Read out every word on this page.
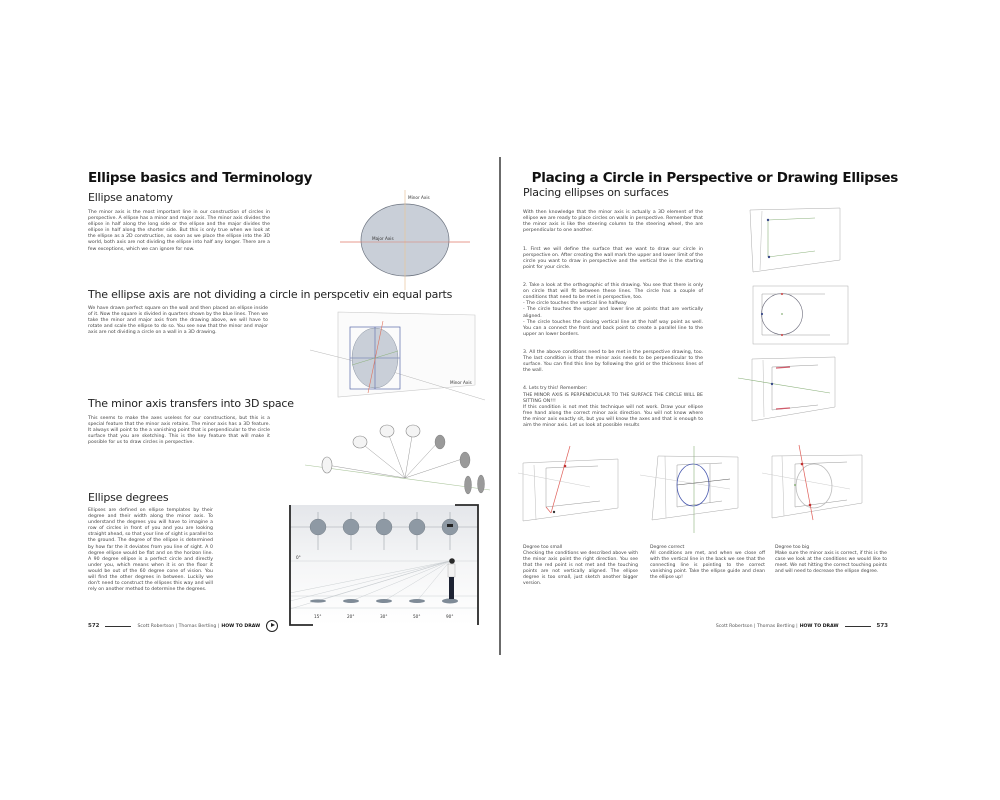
Ellipse basics and Terminology
Ellipse anatomy

The minor axis is the most important line in our construction of circles in perspective. A ellipse has a minor and major axis. The minor axis divides the ellipse in half along the long side or the ellipse and the major divides the ellipse in half along the shorter side. But this is only true when we look at the ellipse as a 2D construction, as soon as we place the ellipse into the 3D world, both axis are not dividing the ellipse into half any longer. There are a few exceptions, which we can ignore for now.

Minor Axis
Major Axis
The ellipse axis are not dividing a circle in perspcetiv ein equal parts

We have drawn perfect square on the wall and then placed an ellipse inside of it. Now the square is divided in quarters shown by the blue lines. Then we take the minor and major axis from the drawing above, we will have to rotate and scale the ellipse to do so. You see now that the minor and major axis are not dividing a circle on a wall in a 3D drawing.

Minor Axis
The minor axis transfers into 3D space

This seems to make the axes useless for our constructions, but this is a special feature that the minor axis retains. The minor axis has a 3D feature. It always will point to the a vanishing point that is perpendicular to the circle surface that you are sketching. This is the key feature that will make it possible for us to draw circles in perspective.

Ellipse degrees

Ellipses are defined on ellipse templates by their degree and their width along the minor axis. To understand the degrees you will have to imagine a row of circles in front of you and you are looking straight ahead, so that your line of sight is parallel to the ground. The degree of the ellipse is determined by how far the it deviates from you line of sight. A 0 degree ellipse would be flat and on the horizon line. A 90 degree ellipse is a perfect circle and directly under you, which means when it is on the floor it would be out of the 60 degree cone of vision. You will find the other degrees in between. Luckily we don't need to construct the ellipses this way and will rely on another method to determine the degrees.

0°
15°	20°	30°	50°	90°
572	Scott Robertson | Thomas Bertling | HOW TO DRAW
Placing a Circle in Perspective or Drawing Ellipses
Placing ellipses on surfaces

With then knowledge that the minor axis is actually a 3D element of the ellipse we are ready to place circles on walls in perspective. Remember that the minor axis is like the steering column to the steering wheel, the are perpendicular to one another.

1. First we will define the surface that we want to draw our circle in perspective on. After creating the wall mark the upper and lower limit of the circle you want to draw in perspective and the vertical the is the starting point for your circle.

2. Take a look at the orthographic of this drawing. You see that there is only on circle that will fit between these lines. The circle has a couple of conditions that need to be met in perspective, too.
- The circle touches the vertical line halfway
- The circle touches the upper and lower line at points that are vertically aligned.
- The circle touches the closing vertical line at the half way point as well. You can a connect the front and back point to create a parallel line to the upper an lower borders.

3. All the above conditions need to be met in the perspective drawing, too. The last condition is that the minor axis needs to be perpendicular to the surface. You can find this line by following the grid or the thickness lines of the wall.

4. Lets try this! Remember:
THE MINOR AXIS IS PERPENDICULAR TO THE SURFACE THE CIRCLE WILL BE SITTING ON!!!
If this condition is not met this technique will not work. Draw your ellipse free hand along the correct minor axis direction. You will not know where the minor axis exactly sit, but you will know the axes and that is enough to aim the minor axis. Let us look at possible results

Degree too small
Checking the conditions we described above with the minor axis point the right direction. You see that the red point is not met and the touching points are not vertically aligned. The ellipse degree is too small, just sketch another bigger version.
Degree correct
All conditions are met, and when we close off with the vertical line in the back we see that the connecting line is pointing to the correct vanishing point. Take the ellipse guide and clean the ellipse up!
Degree too big
Make sure the minor axis is correct, if this is the case we look at the conditions we would like to meet. We not hitting the correct touching points and will need to decrease the ellipse degree.
Scott Robertson | Thomas Bertling | HOW TO DRAW	573
